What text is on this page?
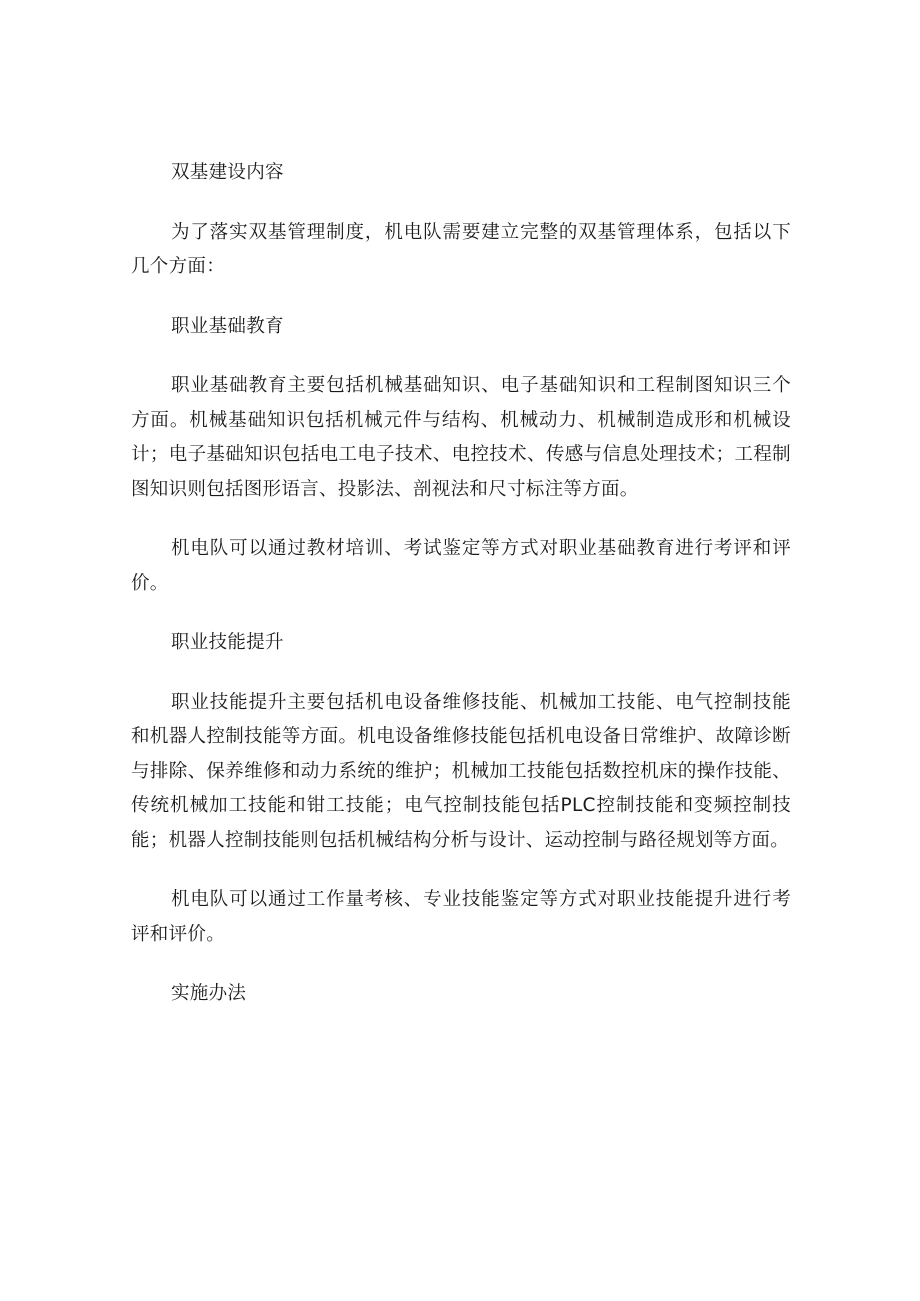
双基建设内容

为了落实双基管理制度，机电队需要建立完整的双基管理体系，包括以下几个方面：

职业基础教育

职业基础教育主要包括机械基础知识、电子基础知识和工程制图知识三个方面。机械基础知识包括机械元件与结构、机械动力、机械制造成形和机械设计；电子基础知识包括电工电子技术、电控技术、传感与信息处理技术；工程制图知识则包括图形语言、投影法、剖视法和尺寸标注等方面。

机电队可以通过教材培训、考试鉴定等方式对职业基础教育进行考评和评价。

职业技能提升

职业技能提升主要包括机电设备维修技能、机械加工技能、电气控制技能和机器人控制技能等方面。机电设备维修技能包括机电设备日常维护、故障诊断与排除、保养维修和动力系统的维护；机械加工技能包括数控机床的操作技能、传统机械加工技能和钳工技能；电气控制技能包括PLC控制技能和变频控制技能；机器人控制技能则包括机械结构分析与设计、运动控制与路径规划等方面。

机电队可以通过工作量考核、专业技能鉴定等方式对职业技能提升进行考评和评价。

实施办法
